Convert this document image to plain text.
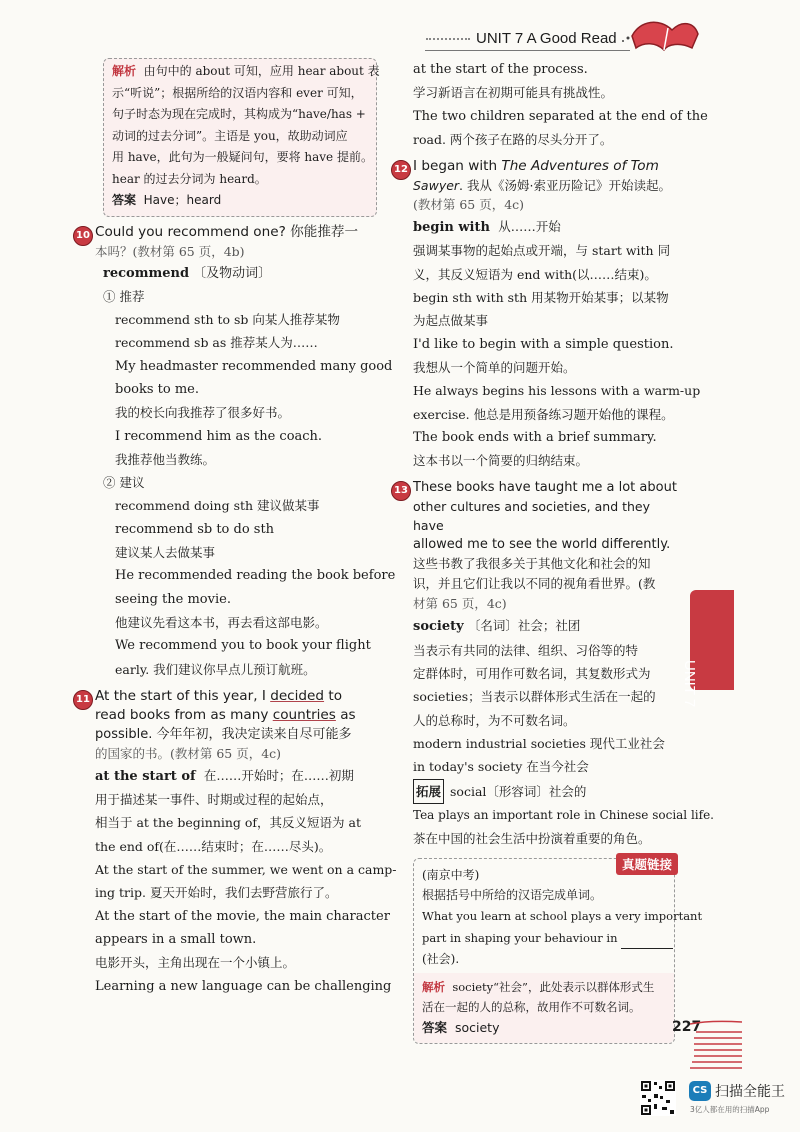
UNIT 7 A Good Read
解析 由句中的 about 可知，应用 hear about 表
示“听说”；根据所给的汉语内容和 ever 可知，
句子时态为现在完成时，其构成为“have/has +
动词的过去分词”。主语是 you，故助动词应
用 have，此句为一般疑问句，要将 have 提前。
hear 的过去分词为 heard。
答案 Have；heard
10 Could you recommend one? 你能推荐一
本吗？(教材第 65 页，4b)
recommend 〔及物动词〕
① 推荐
recommend sth to sb 向某人推荐某物
recommend sb as 推荐某人为……
My headmaster recommended many good
books to me.
我的校长向我推荐了很多好书。
I recommend him as the coach.
我推荐他当教练。
② 建议
recommend doing sth 建议做某事
recommend sb to do sth
建议某人去做某事
He recommended reading the book before
seeing the movie.
他建议先看这本书，再去看这部电影。
We recommend you to book your flight
early. 我们建议你早点儿预订航班。
11 At the start of this year, I decided to
read books from as many countries as
possible. 今年年初，我决定读来自尽可能多
的国家的书。(教材第 65 页，4c)
at the start of 在……开始时；在……初期
用于描述某一事件、时期或过程的起始点，
相当于 at the beginning of，其反义短语为 at
the end of(在……结束时；在……尽头)。
At the start of the summer, we went on a camp-
ing trip. 夏天开始时，我们去野营旅行了。
At the start of the movie, the main character
appears in a small town.
电影开头，主角出现在一个小镇上。
Learning a new language can be challenging
at the start of the process.
学习新语言在初期可能具有挑战性。
The two children separated at the end of the
road. 两个孩子在路的尽头分开了。
12 I began with The Adventures of Tom
Sawyer. 我从《汤姆·索亚历险记》开始读起。
(教材第 65 页，4c)
begin with 从……开始
强调某事物的起始点或开端，与 start with 同
义，其反义短语为 end with(以……结束)。
begin sth with sth 用某物开始某事；以某物
为起点做某事
I'd like to begin with a simple question.
我想从一个简单的问题开始。
He always begins his lessons with a warm-up
exercise. 他总是用预备练习题开始他的课程。
The book ends with a brief summary.
这本书以一个简要的归纳结束。
13 These books have taught me a lot about
other cultures and societies, and they have
allowed me to see the world differently.
这些书教了我很多关于其他文化和社会的知
识，并且它们让我以不同的视角看世界。(教
材第 65 页，4c)
society 〔名词〕社会；社团
当表示有共同的法律、组织、习俗等的特
定群体时，可用作可数名词，其复数形式为
societies；当表示以群体形式生活在一起的
人的总称时，为不可数名词。
modern industrial societies 现代工业社会
in today's society 在当今社会
拓展 social〔形容词〕社会的
Tea plays an important role in Chinese social life.
茶在中国的社会生活中扮演着重要的角色。
真题链接
(南京中考)
根据括号中所给的汉语完成单词。
What you learn at school plays a very important
part in shaping your behaviour in
(社会).
解析 society“社会”，此处表示以群体形式生
活在一起的人的总称，故用作不可数名词。
答案 society
UNIT 7
227
CS 扫描全能王
3亿人都在用的扫描App
